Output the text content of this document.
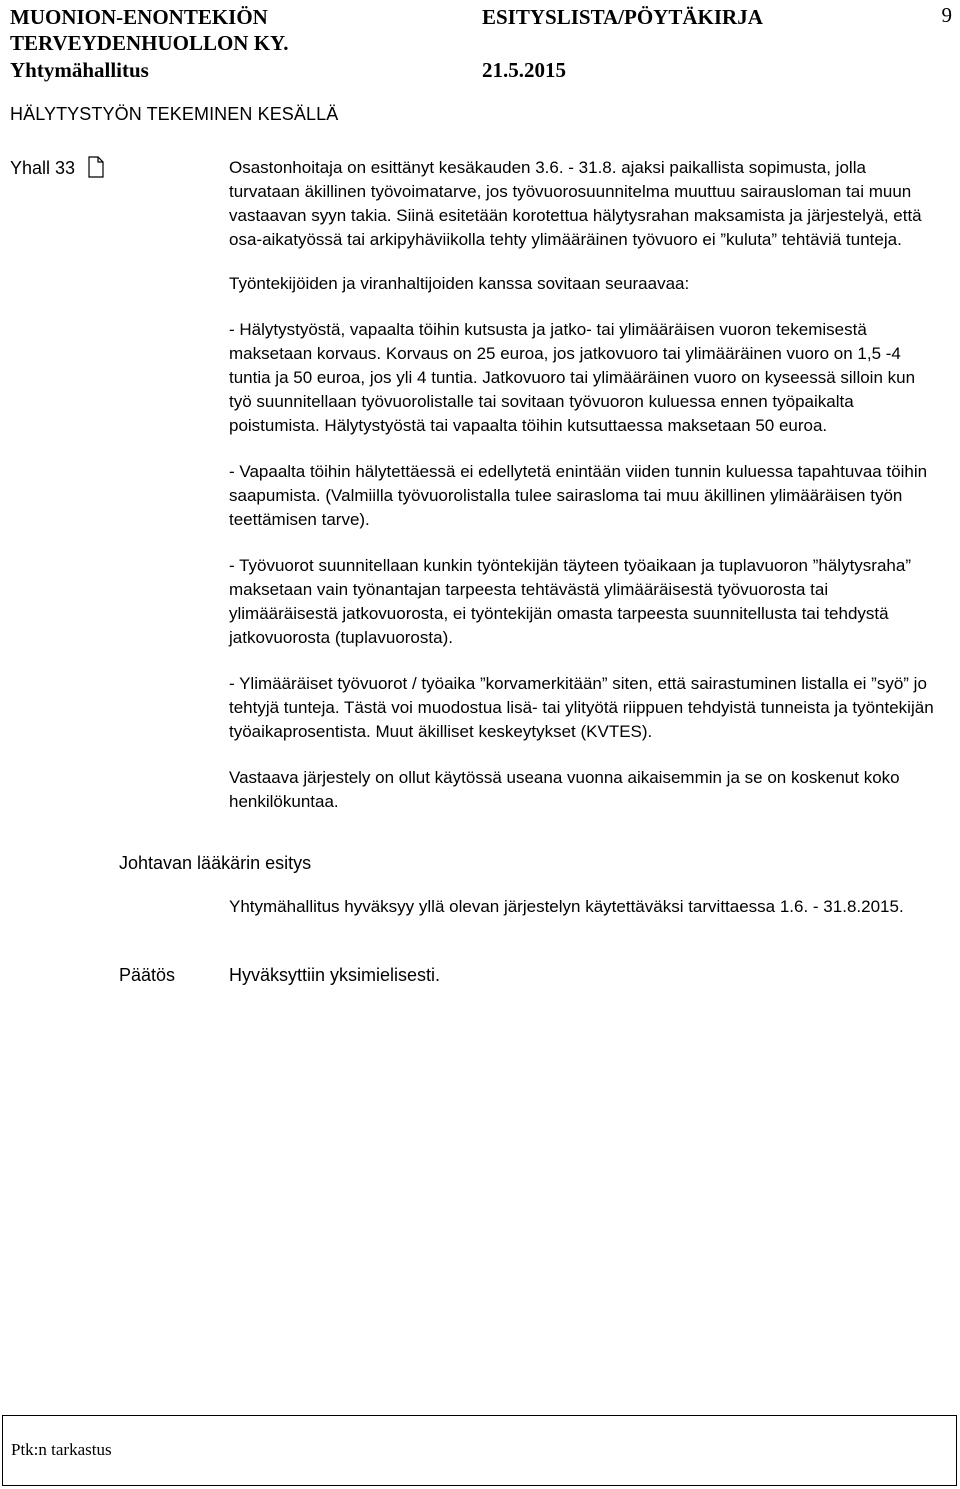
MUONION-ENONTEKIÖN
TERVEYDENHUOLLON KY.
Yhtymähallitus
ESITYSLISTA/PÖYTÄKIRJA
21.5.2015
9
HÄLYTYSTYÖN TEKEMINEN KESÄLLÄ
Yhall 33	Osastonhoitaja on esittänyt kesäkauden 3.6. - 31.8. ajaksi paikallista sopimusta, jolla turvataan äkillinen työvoimatarve, jos työvuorosuunnitelma muuttuu sairausloman tai muun vastaavan syyn takia. Siinä esitetään korotettua hälytysrahan maksamista ja järjestelyä, että osa-aikatyössä tai arkipyhäviikolla tehty ylimääräinen työvuoro ei ”kuluta” tehtäviä tunteja.

Työntekijöiden ja viranhaltijoiden kanssa sovitaan seuraavaa:

- Hälytystyöstä, vapaalta töihin kutsusta ja jatko- tai ylimääräisen vuoron tekemisestä maksetaan korvaus. Korvaus on 25 euroa, jos jatkovuoro tai ylimääräinen vuoro on 1,5 -4 tuntia ja 50 euroa, jos yli 4 tuntia. Jatkovuoro tai ylimääräinen vuoro on kyseessä silloin kun työ suunnitellaan työvuorolistalle tai sovitaan työvuoron kuluessa ennen työpaikalta poistumista. Hälytystyöstä tai vapaalta töihin kutsuttaessa maksetaan 50 euroa.

- Vapaalta töihin hälytettäessä ei edellytetä enintään viiden tunnin kuluessa tapahtuvaa töihin saapumista. (Valmiilla työvuorolistalla tulee sairasloma tai muu äkillinen ylimääräisen työn teettämisen tarve).

- Työvuorot suunnitellaan kunkin työntekijän täyteen työaikaan ja tuplavuoron ”hälytysraha” maksetaan vain työnantajan tarpeesta tehtävästä ylimääräisestä työvuorosta tai ylimääräisestä jatkovuorosta, ei työntekijän omasta tarpeesta suunnitellusta tai tehdystä jatkovuorosta (tuplavuorosta).

- Ylimääräiset työvuorot / työaika ”korvamerkitään” siten, että sairastuminen listalla ei ”syö” jo tehtyjä tunteja. Tästä voi muodostua lisä- tai ylityötä riippuen tehdyistä tunneista ja työntekijän työaikaprosentista. Muut äkilliset keskeytykset (KVTES).

Vastaava järjestely on ollut käytössä useana vuonna aikaisemmin ja se on koskenut koko henkilökuntaa.

Johtavan lääkärin esitys
Yhtymähallitus hyväksyy yllä olevan järjestelyn käytettäväksi tarvittaessa 1.6. - 31.8.2015.
Päätös	Hyväksyttiin yksimielisesti.
Ptk:n tarkastus
